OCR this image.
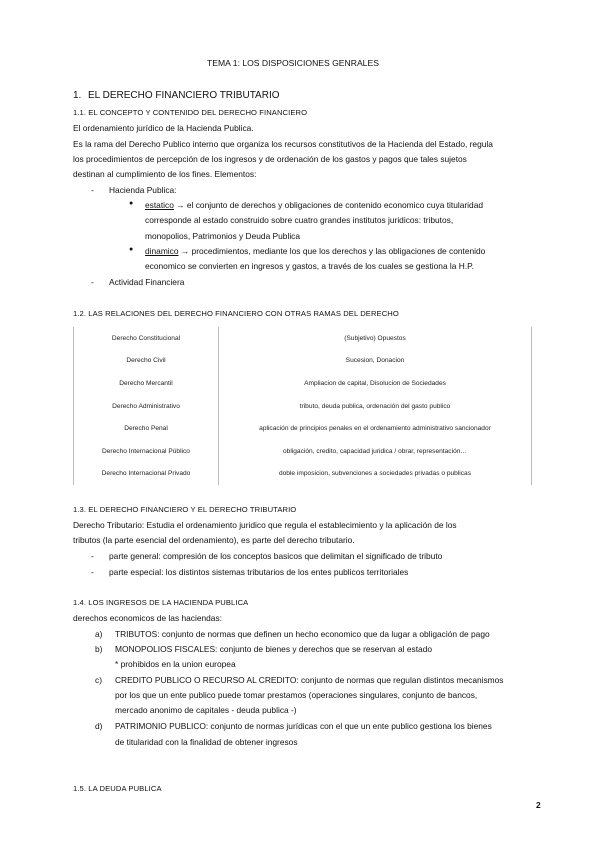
TEMA 1: LOS DISPOSICIONES GENRALES
1. EL DERECHO FINANCIERO TRIBUTARIO
1.1. EL CONCEPTO Y CONTENIDO DEL DERECHO FINANCIERO
El ordenamiento jurídico de la Hacienda Publica.
Es la rama del Derecho Publico interno que organiza los recursos constitutivos de la Hacienda del Estado, regula
los procedimientos de percepción de los ingresos y de ordenación de los gastos y pagos que tales sujetos
destinan al cumplimiento de los fines. Elementos:
- Hacienda Publica:
● estatico → el conjunto de derechos y obligaciones de contenido economico cuya titularidad
corresponde al estado construido sobre cuatro grandes institutos juridicos: tributos,
monopolios, Patrimonios y Deuda Publica
● dinamico → procedimientos, mediante los que los derechos y las obligaciones de contenido
economico se convierten en ingresos y gastos, a través de los cuales se gestiona la H.P.
- Actividad Financiera
1.2. LAS RELACIONES DEL DERECHO FINANCIERO CON OTRAS RAMAS DEL DERECHO
Derecho Constitucional	(Subjetivo) Opuestos
Derecho Civil	Sucesion, Donacion
Derecho Mercantil	Ampliacion de capital, Disolucion de Sociedades
Derecho Administrativo	tributo, deuda publica, ordenación del gasto publico
Derecho Penal	aplicación de principios penales en el ordenamiento administrativo sancionador
Derecho Internacional Público	obligación, credito, capacidad juridica / obrar, representación…
Derecho Internacional Privado	doble imposicion, subvenciones a sociedades privadas o publicas
1.3. EL DERECHO FINANCIERO Y EL DERECHO TRIBUTARIO
Derecho Tributario: Estudia el ordenamiento juridico que regula el establecimiento y la aplicación de los
tributos (la parte esencial del ordenamiento), es parte del derecho tributario.
- parte general: compresión de los conceptos basicos que delimitan el significado de tributo
- parte especial: los distintos sistemas tributarios de los entes publicos territoriales
1.4. LOS INGRESOS DE LA HACIENDA PUBLICA
derechos economicos de las haciendas:
a) TRIBUTOS: conjunto de normas que definen un hecho economico que da lugar a obligación de pago
b) MONOPOLIOS FISCALES: conjunto de bienes y derechos que se reservan al estado
* prohibidos en la union europea
c) CREDITO PUBLICO O RECURSO AL CREDITO: conjunto de normas que regulan distintos mecanismos
por los que un ente publico puede tomar prestamos (operaciones singulares, conjunto de bancos,
mercado anonimo de capitales - deuda publica -)
d) PATRIMONIO PUBLICO: conjunto de normas jurídicas con el que un ente publico gestiona los bienes
de titularidad con la finalidad de obtener ingresos
1.5. LA DEUDA PUBLICA
2
